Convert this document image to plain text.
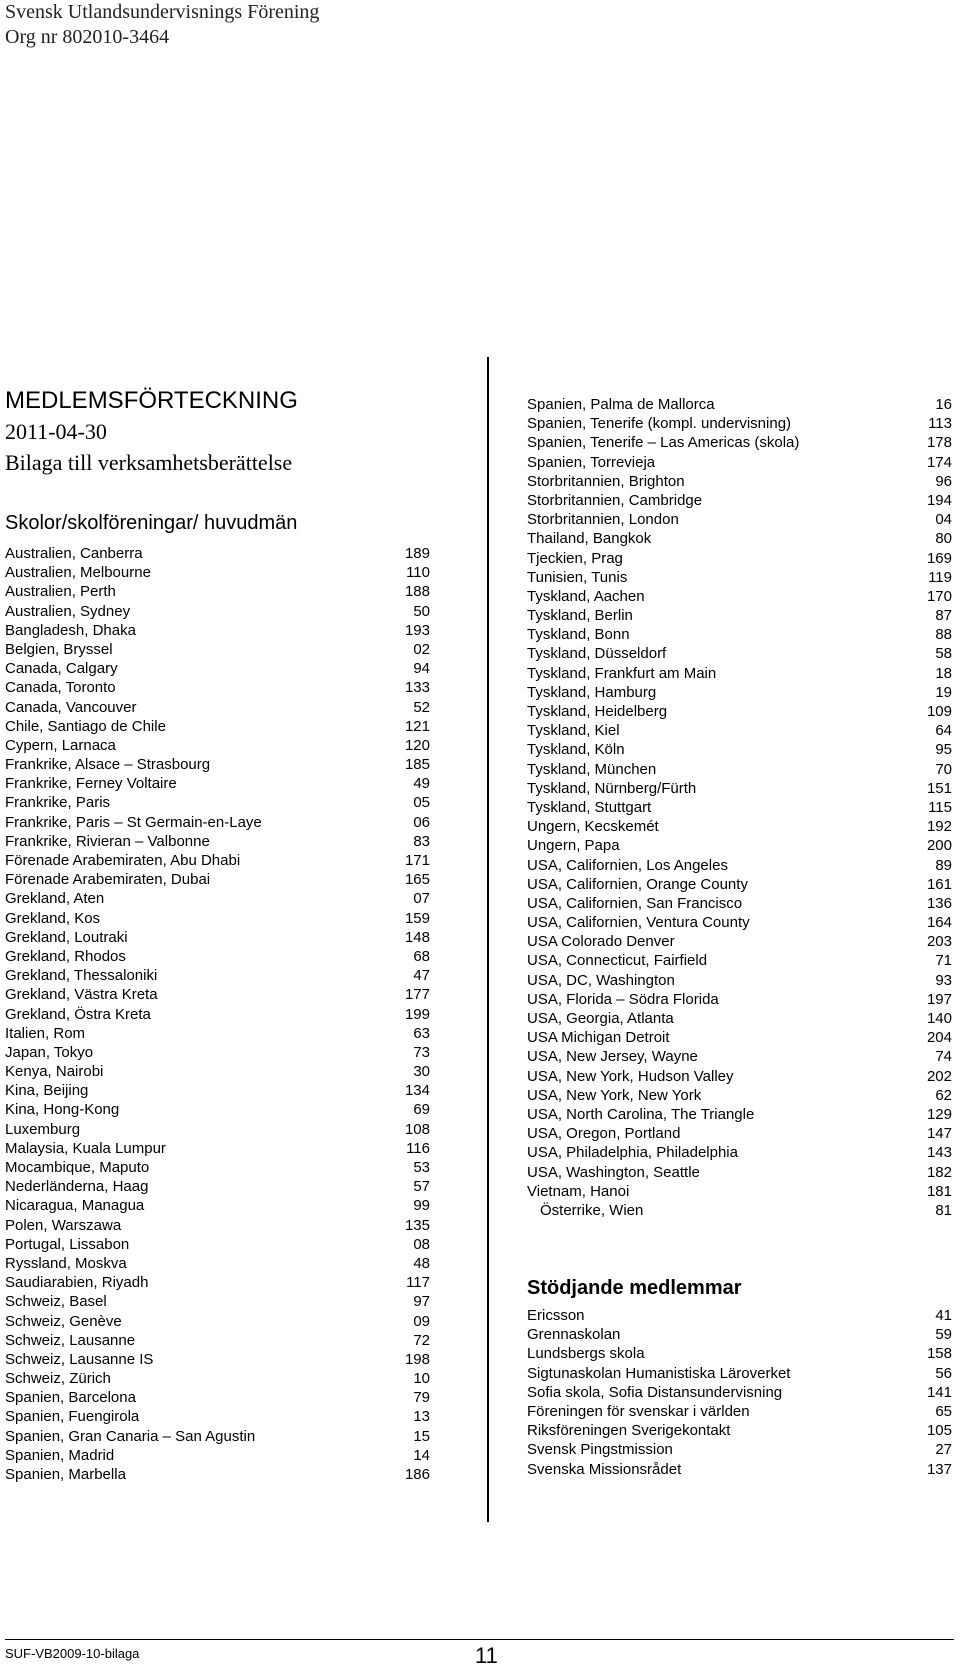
Svensk Utlandsundervisnings Förening
Org nr 802010-3464
MEDLEMSFÖRTECKNING
2011-04-30
Bilaga till verksamhetsberättelse
Skolor/skolföreningar/ huvudmän
Australien, Canberra	189
Australien, Melbourne	110
Australien, Perth	188
Australien, Sydney	50
Bangladesh, Dhaka	193
Belgien, Bryssel	02
Canada, Calgary	94
Canada, Toronto	133
Canada, Vancouver	52
Chile, Santiago de Chile	121
Cypern, Larnaca	120
Frankrike, Alsace – Strasbourg	185
Frankrike, Ferney Voltaire	49
Frankrike, Paris	05
Frankrike, Paris – St Germain-en-Laye	06
Frankrike, Rivieran – Valbonne	83
Förenade Arabemiraten, Abu Dhabi	171
Förenade Arabemiraten, Dubai	165
Grekland, Aten	07
Grekland, Kos	159
Grekland, Loutraki	148
Grekland, Rhodos	68
Grekland, Thessaloniki	47
Grekland, Västra Kreta	177
Grekland, Östra Kreta	199
Italien, Rom	63
Japan, Tokyo	73
Kenya, Nairobi	30
Kina, Beijing	134
Kina, Hong-Kong	69
Luxemburg	108
Malaysia, Kuala Lumpur	116
Mocambique, Maputo	53
Nederländerna, Haag	57
Nicaragua, Managua	99
Polen, Warszawa	135
Portugal, Lissabon	08
Ryssland, Moskva	48
Saudiarabien, Riyadh	117
Schweiz, Basel	97
Schweiz, Genève	09
Schweiz, Lausanne	72
Schweiz, Lausanne IS	198
Schweiz, Zürich	10
Spanien, Barcelona	79
Spanien, Fuengirola	13
Spanien, Gran Canaria – San Agustin	15
Spanien, Madrid	14
Spanien, Marbella	186
Spanien, Palma de Mallorca	16
Spanien, Tenerife (kompl. undervisning)	113
Spanien, Tenerife – Las Americas (skola)	178
Spanien, Torrevieja	174
Storbritannien, Brighton	96
Storbritannien, Cambridge	194
Storbritannien, London	04
Thailand, Bangkok	80
Tjeckien, Prag	169
Tunisien, Tunis	119
Tyskland, Aachen	170
Tyskland, Berlin	87
Tyskland, Bonn	88
Tyskland, Düsseldorf	58
Tyskland, Frankfurt am Main	18
Tyskland, Hamburg	19
Tyskland, Heidelberg	109
Tyskland, Kiel	64
Tyskland, Köln	95
Tyskland, München	70
Tyskland, Nürnberg/Fürth	151
Tyskland, Stuttgart	115
Ungern, Kecskemét	192
Ungern, Papa	200
USA, Californien, Los Angeles	89
USA, Californien, Orange County	161
USA, Californien, San Francisco	136
USA, Californien, Ventura County	164
USA Colorado Denver	203
USA, Connecticut, Fairfield	71
USA, DC, Washington	93
USA, Florida – Södra Florida	197
USA, Georgia, Atlanta	140
USA Michigan Detroit	204
USA, New Jersey, Wayne	74
USA, New York, Hudson Valley	202
USA, New York, New York	62
USA, North Carolina, The Triangle	129
USA, Oregon, Portland	147
USA, Philadelphia, Philadelphia	143
USA, Washington, Seattle	182
Vietnam, Hanoi	181
Österrike, Wien	81
Stödjande medlemmar
Ericsson	41
Grennaskolan	59
Lundsbergs skola	158
Sigtunaskolan Humanistiska Läroverket	56
Sofia skola, Sofia Distansundervisning	141
Föreningen för svenskar i världen	65
Riksföreningen Sverigekontakt	105
Svensk Pingstmission	27
Svenska Missionsrådet	137
SUF-VB2009-10-bilaga	11
